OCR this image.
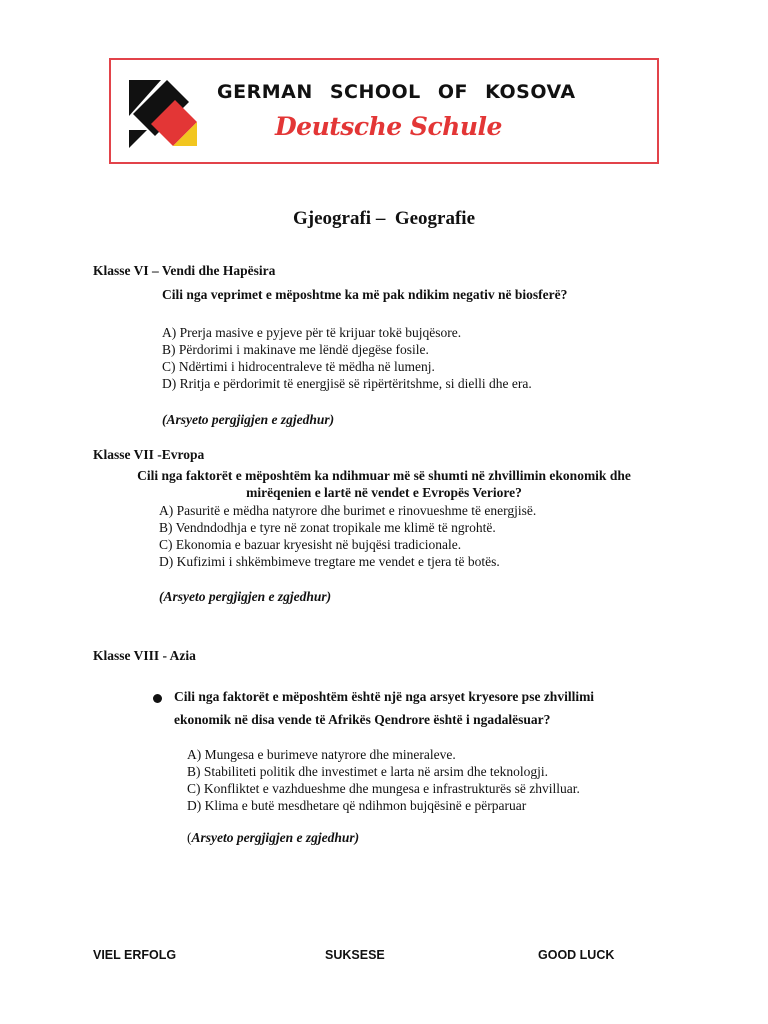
GERMAN SCHOOL OF KOSOVA
Deutsche Schule
Gjeografi –  Geografie
Klasse VI – Vendi dhe Hapësira
Cili nga veprimet e mëposhtme ka më pak ndikim negativ në biosferë?
A) Prerja masive e pyjeve për të krijuar tokë bujqësore.
B) Përdorimi i makinave me lëndë djegëse fosile.
C) Ndërtimi i hidrocentraleve të mëdha në lumenj.
D) Rritja e përdorimit të energjisë së ripërtëritshme, si dielli dhe era.
(Arsyeto pergjigjen e zgjedhur)
Klasse VII -Evropa
Cili nga faktorët e mëposhtëm ka ndihmuar më së shumti në zhvillimin ekonomik dhe
mirëqenien e lartë në vendet e Evropës Veriore?
A) Pasuritë e mëdha natyrore dhe burimet e rinovueshme të energjisë.
B) Vendndodhja e tyre në zonat tropikale me klimë të ngrohtë.
C) Ekonomia e bazuar kryesisht në bujqësi tradicionale.
D) Kufizimi i shkëmbimeve tregtare me vendet e tjera të botës.
(Arsyeto pergjigjen e zgjedhur)
Klasse VIII - Azia
Cili nga faktorët e mëposhtëm është një nga arsyet kryesore pse zhvillimi
ekonomik në disa vende të Afrikës Qendrore është i ngadalësuar?
A) Mungesa e burimeve natyrore dhe mineraleve.
B) Stabiliteti politik dhe investimet e larta në arsim dhe teknologji.
C) Konfliktet e vazhdueshme dhe mungesa e infrastrukturës së zhvilluar.
D) Klima e butë mesdhetare që ndihmon bujqësinë e përparuar
(Arsyeto pergjigjen e zgjedhur)
VIEL ERFOLG	SUKSESE	GOOD LUCK
